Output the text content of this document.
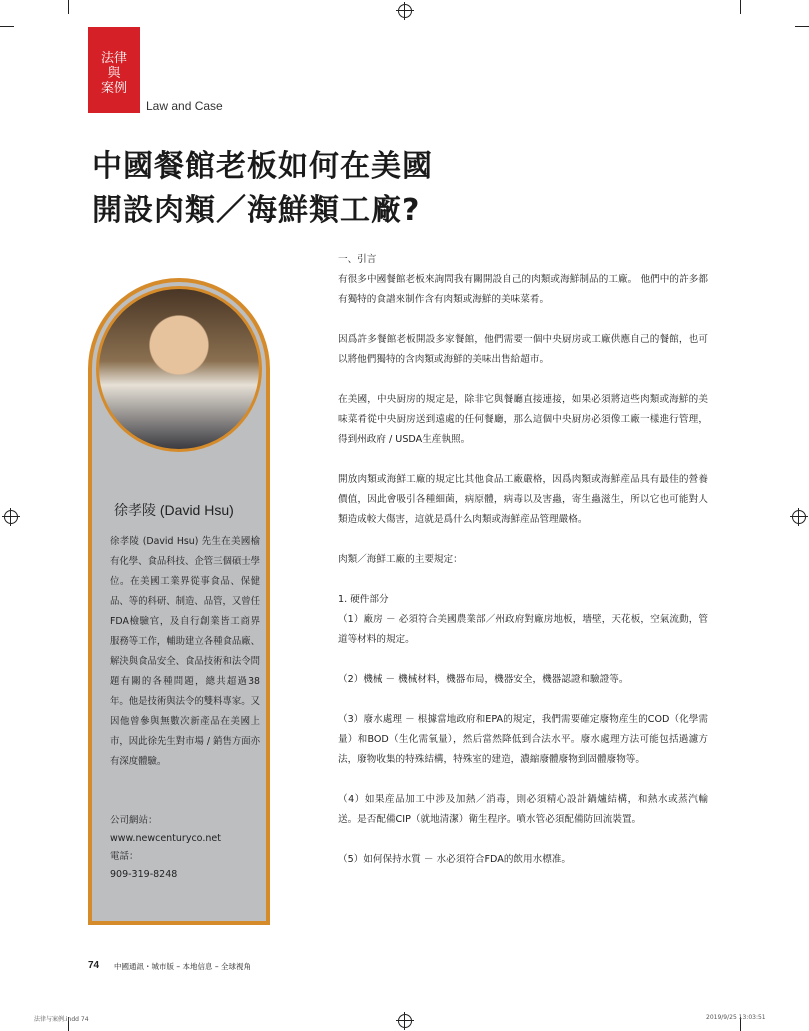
法律
與
案例
Law and Case
中國餐館老板如何在美國
開設肉類／海鮮類工廠?
徐孝陵 (David Hsu)
徐孝陵 (David Hsu) 先生在美國榆有化學、食品科技、企管三個碩士學位。在美國工業界從事食品、保健品、等的科研、制造、品管，又曾任FDA檢驗官，及自行創業皆工商界服務等工作，輔助建立各種食品廠、解決與食品安全、食品技術和法令問題有關的各種問題，總共超過38年。他是技術與法令的雙料專家。又因他曾參與無數次新產品在美國上市，因此徐先生對市場 / 銷售方面亦有深度體驗。
公司網站：
www.newcenturyco.net
電話：
909-319-8248

一、引言

有很多中國餐館老板來詢問我有關開設自己的肉類或海鮮制品的工廠。 他們中的許多都有獨特的食譜來制作含有肉類或海鮮的美味菜肴。

因爲許多餐館老板開設多家餐館，他們需要一個中央厨房或工廠供應自己的餐館，也可以將他們獨特的含肉類或海鮮的美味出售給超市。

在美國，中央厨房的規定是，除非它與餐廳直接連接，如果必須將這些肉類或海鮮的美味菜肴從中央厨房送到遠處的任何餐廳，那么這個中央厨房必須像工廠一樣進行管理，得到州政府 / USDA生産執照。

開放肉類或海鮮工廠的規定比其他食品工廠嚴格，因爲肉類或海鮮産品具有最佳的營養價值，因此會吸引各種細菌，病原體，病毒以及害蟲，寄生蟲滋生，所以它也可能對人類造成較大傷害，這就是爲什么肉類或海鮮産品管理嚴格。

肉類／海鮮工廠的主要規定：

1. 硬件部分

（1）廠房 － 必須符合美國農業部／州政府對廠房地板，墻壁，天花板，空氣流動，管道等材料的規定。

（2）機械 － 機械材料，機器布局，機器安全，機器認證和驗證等。

（3）廢水處理 － 根據當地政府和EPA的規定，我們需要確定廢物産生的COD（化學需量）和BOD（生化需氧量），然后當然降低到合法水平。廢水處理方法可能包括過濾方法，廢物收集的特殊結構，特殊室的建造，濃縮廢體廢物到固體廢物等。

（4）如果産品加工中涉及加熱／消毒，則必須精心設計鍋爐結構，和熱水或蒸汽輸送。是否配備CIP（就地清潔）衛生程序。噴水管必須配備防回流裝置。

（5）如何保持水質 － 水必須符合FDA的飲用水標准。

74 中國通訊・城市版 – 本地信息 – 全球視角
法律与案例.indd 74	2019/9/25 13:03:51
